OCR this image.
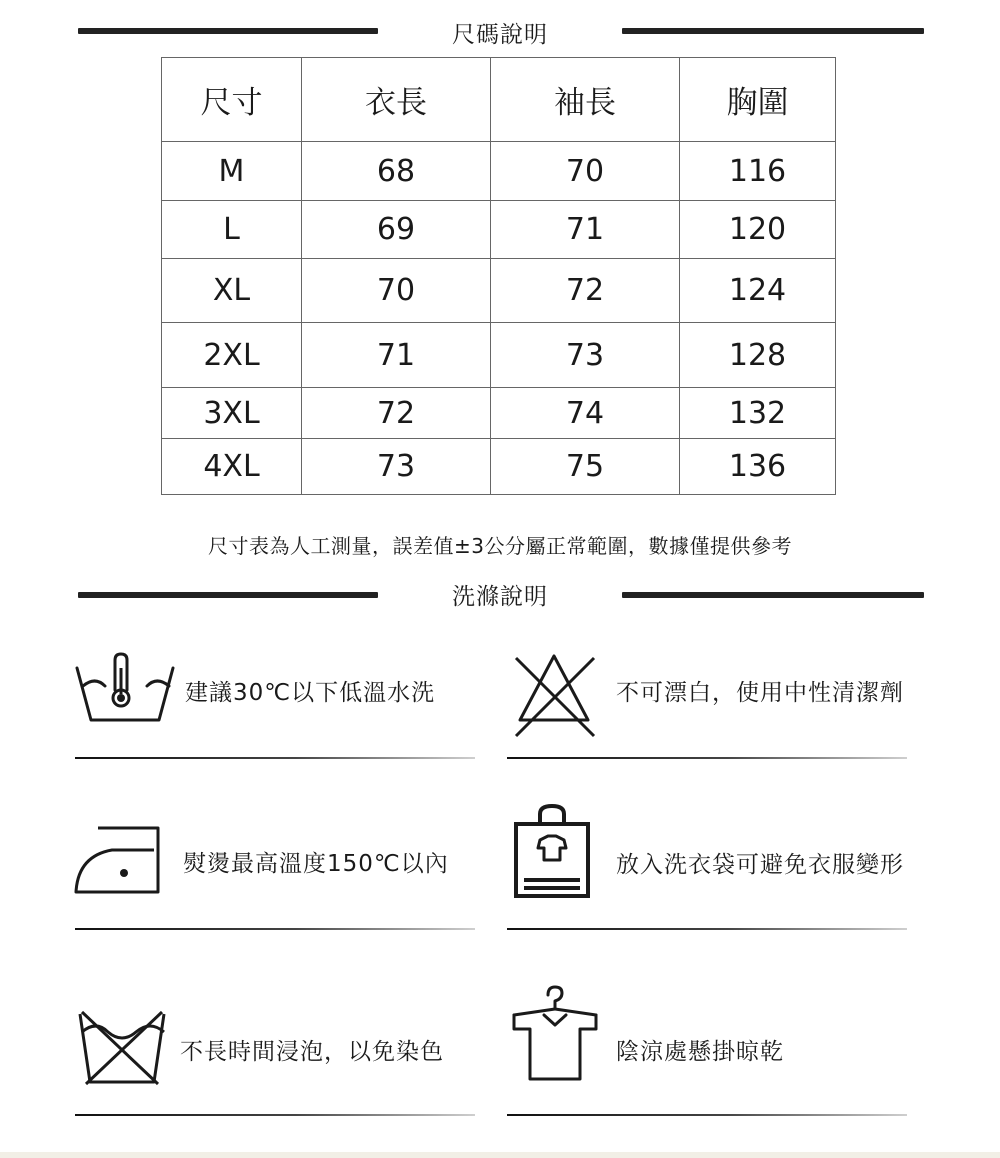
尺碼說明
尺寸	衣長	袖長	胸圍
M	68	70	116
L	69	71	120
XL	70	72	124
2XL	71	73	128
3XL	72	74	132
4XL	73	75	136
尺寸表為人工測量，誤差值±3公分屬正常範圍，數據僅提供參考
洗滌說明
建議30℃以下低溫水洗	不可漂白，使用中性清潔劑
熨燙最高溫度150℃以內	放入洗衣袋可避免衣服變形
不長時間浸泡，以免染色	陰涼處懸掛晾乾
